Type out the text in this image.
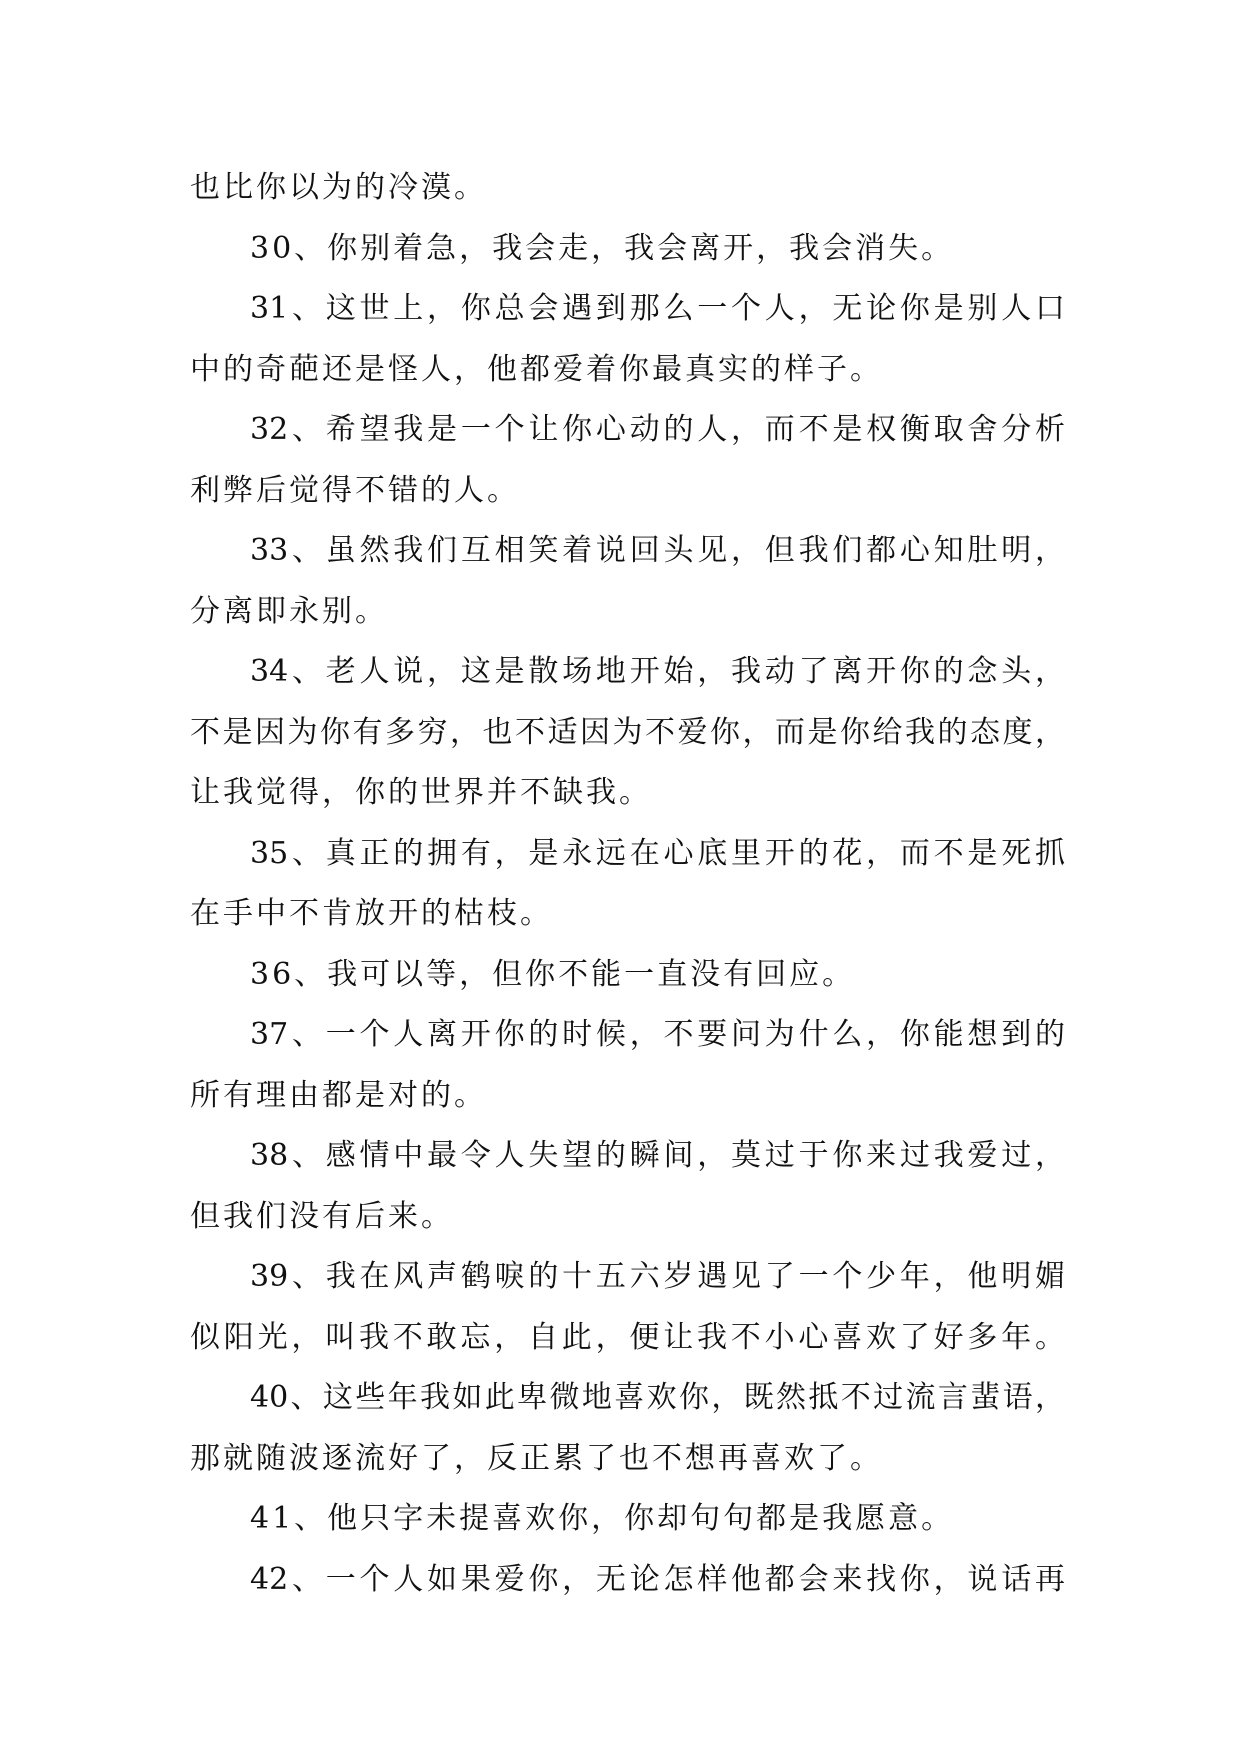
也比你以为的冷漠。
30、你别着急，我会走，我会离开，我会消失。
31、这世上，你总会遇到那么一个人，无论你是别人口
中的奇葩还是怪人，他都爱着你最真实的样子。
32、希望我是一个让你心动的人，而不是权衡取舍分析
利弊后觉得不错的人。
33、虽然我们互相笑着说回头见，但我们都心知肚明，
分离即永别。
34、老人说，这是散场地开始，我动了离开你的念头，
不是因为你有多穷，也不适因为不爱你，而是你给我的态度，
让我觉得，你的世界并不缺我。
35、真正的拥有，是永远在心底里开的花，而不是死抓
在手中不肯放开的枯枝。
36、我可以等，但你不能一直没有回应。
37、一个人离开你的时候，不要问为什么，你能想到的
所有理由都是对的。
38、感情中最令人失望的瞬间，莫过于你来过我爱过，
但我们没有后来。
39、我在风声鹤唳的十五六岁遇见了一个少年，他明媚
似阳光，叫我不敢忘，自此，便让我不小心喜欢了好多年。
40、这些年我如此卑微地喜欢你，既然抵不过流言蜚语，
那就随波逐流好了，反正累了也不想再喜欢了。
41、他只字未提喜欢你，你却句句都是我愿意。
42、一个人如果爱你，无论怎样他都会来找你，说话再
